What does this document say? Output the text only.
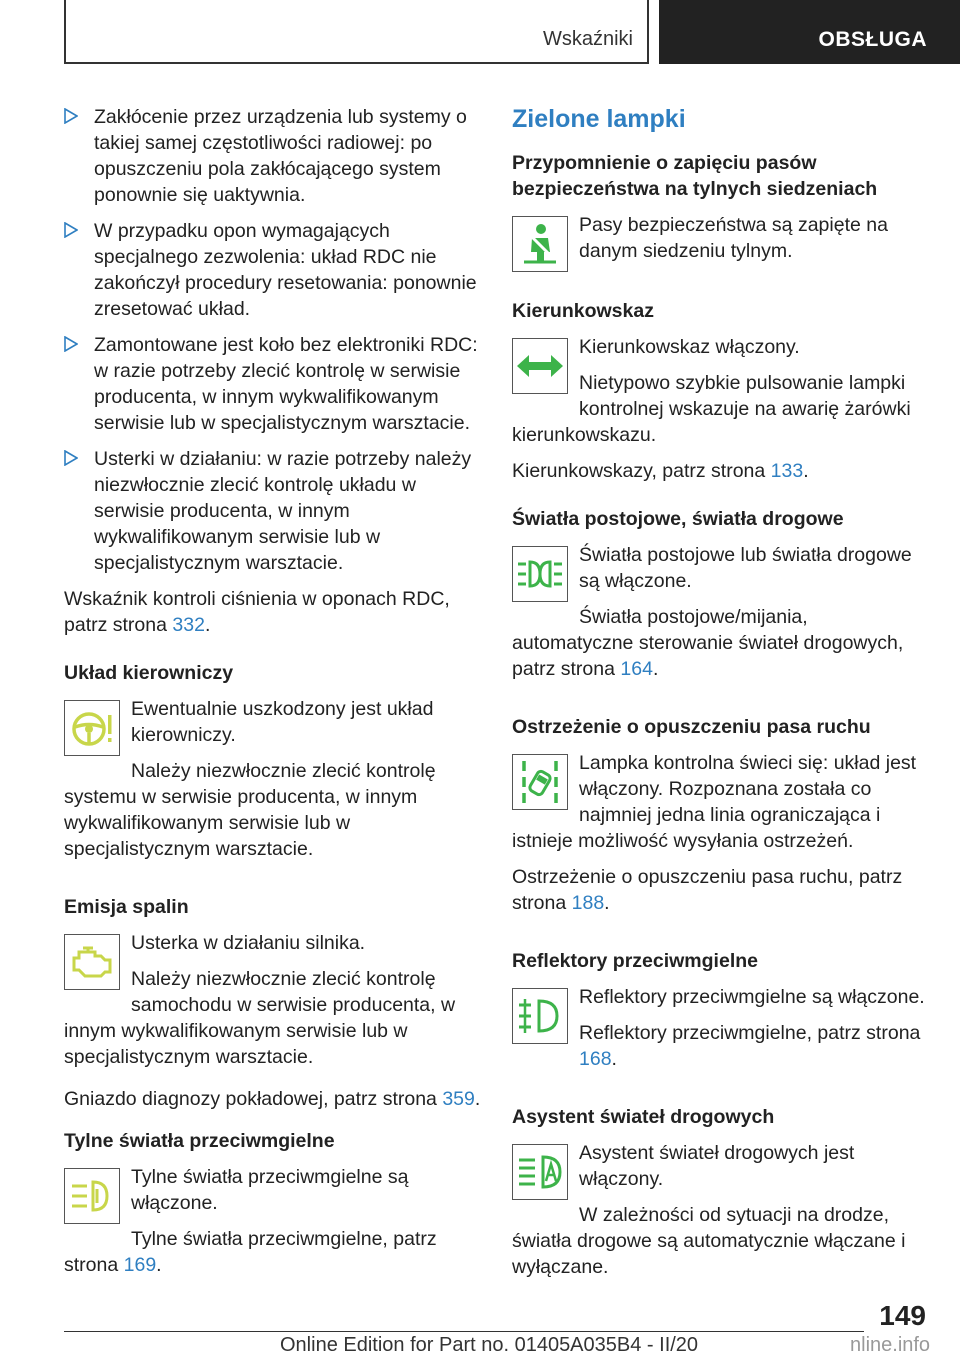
Wskaźniki	OBSŁUGA
Zakłócenie przez urządzenia lub systemy o takiej samej częstotliwości radiowej: po opuszczeniu pola zakłócającego system ponownie się uaktywnia.
W przypadku opon wymagających specjalnego zezwolenia: układ RDC nie zakończył procedury resetowania: ponownie zresetować układ.
Zamontowane jest koło bez elektroniki RDC: w razie potrzeby zlecić kontrolę w serwisie producenta, w innym wykwalifikowanym serwisie lub w specjalistycznym warsztacie.
Usterki w działaniu: w razie potrzeby należy niezwłocznie zlecić kontrolę układu w serwisie producenta, w innym wykwalifikowanym serwisie lub w specjalistycznym warsztacie.

Wskaźnik kontroli ciśnienia w oponach RDC, patrz strona 332.

Układ kierowniczy

Ewentualnie uszkodzony jest układ kierowniczy.

Należy niezwłocznie zlecić kontrolę systemu w serwisie producenta, w innym wykwalifikowanym serwisie lub w specjalistycznym warsztacie.

Emisja spalin

Usterka w działaniu silnika.

Należy niezwłocznie zlecić kontrolę samochodu w serwisie producenta, w innym wykwalifikowanym serwisie lub w specjalistycznym warsztacie.

Gniazdo diagnozy pokładowej, patrz strona 359.

Tylne światła przeciwmgielne

Tylne światła przeciwmgielne są włączone.

Tylne światła przeciwmgielne, patrz strona 169.

Zielone lampki
Przypomnienie o zapięciu pasów bezpieczeństwa na tylnych siedzeniach

Pasy bezpieczeństwa są zapięte na danym siedzeniu tylnym.

Kierunkowskaz

Kierunkowskaz włączony.

Nietypowo szybkie pulsowanie lampki kontrolnej wskazuje na awarię żarówki kierunkowskazu.

Kierunkowskazy, patrz strona 133.

Światła postojowe, światła drogowe

Światła postojowe lub światła drogowe są włączone.

Światła postojowe/mijania, automatyczne sterowanie świateł drogowych, patrz strona 164.

Ostrzeżenie o opuszczeniu pasa ruchu

Lampka kontrolna świeci się: układ jest włączony. Rozpoznana została co najmniej jedna linia ograniczająca i istnieje możliwość wysyłania ostrzeżeń.

Ostrzeżenie o opuszczeniu pasa ruchu, patrz strona 188.

Reflektory przeciwmgielne

Reflektory przeciwmgielne są włączone.

Reflektory przeciwmgielne, patrz strona 168.

Asystent świateł drogowych

Asystent świateł drogowych jest włączony.

W zależności od sytuacji na drodze, światła drogowe są automatycznie włączane i wyłączane.

149
Online Edition for Part no. 01405A035B4 - II/20	nline.info
